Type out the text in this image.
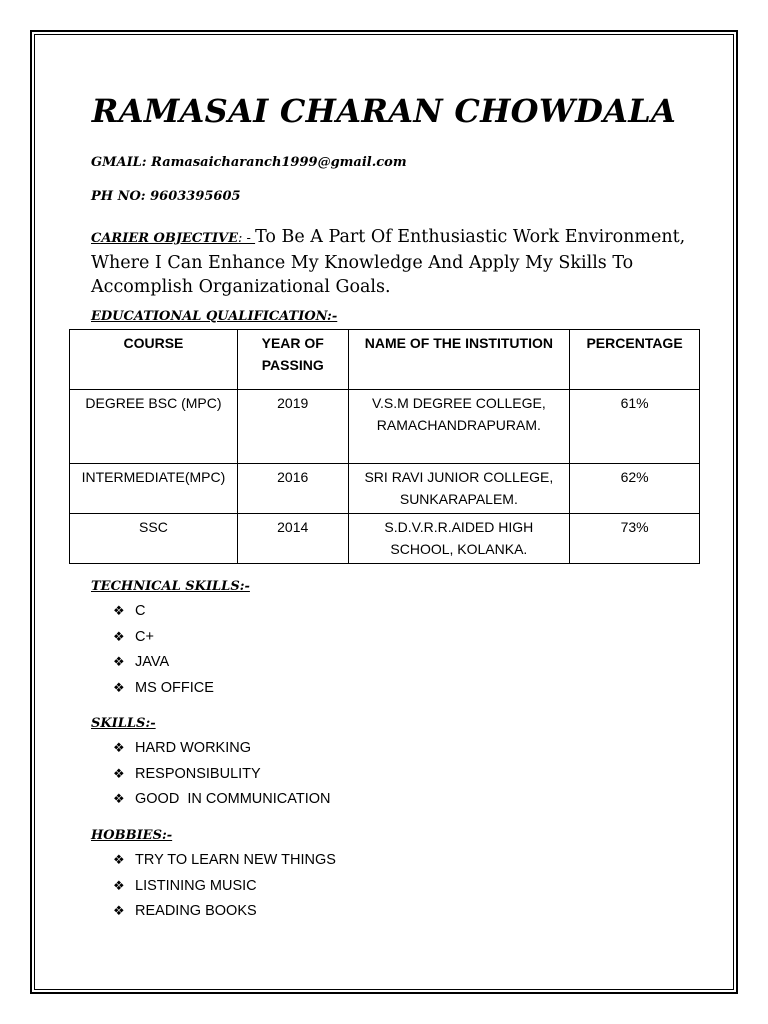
RAMASAI CHARAN CHOWDALA
GMAIL: Ramasaicharanch1999@gmail.com
PH NO: 9603395605
CARIER OBJECTIVE: - To Be A Part Of Enthusiastic Work Environment, Where I Can Enhance My Knowledge And Apply My Skills To Accomplish Organizational Goals.
EDUCATIONAL QUALIFICATION:-
COURSE	YEAR OF PASSING	NAME OF THE INSTITUTION	PERCENTAGE
DEGREE BSC (MPC)	2019	V.S.M DEGREE COLLEGE, RAMACHANDRAPURAM.	61%
INTERMEDIATE(MPC)	2016	SRI RAVI JUNIOR COLLEGE, SUNKARAPALEM.	62%
SSC	2014	S.D.V.R.R.AIDED HIGH SCHOOL, KOLANKA.	73%
TECHNICAL SKILLS:-
❖ C
❖ C+
❖ JAVA
❖ MS OFFICE
SKILLS:-
❖ HARD WORKING
❖ RESPONSIBULITY
❖ GOOD  IN COMMUNICATION
HOBBIES:-
❖ TRY TO LEARN NEW THINGS
❖ LISTINING MUSIC
❖ READING BOOKS
